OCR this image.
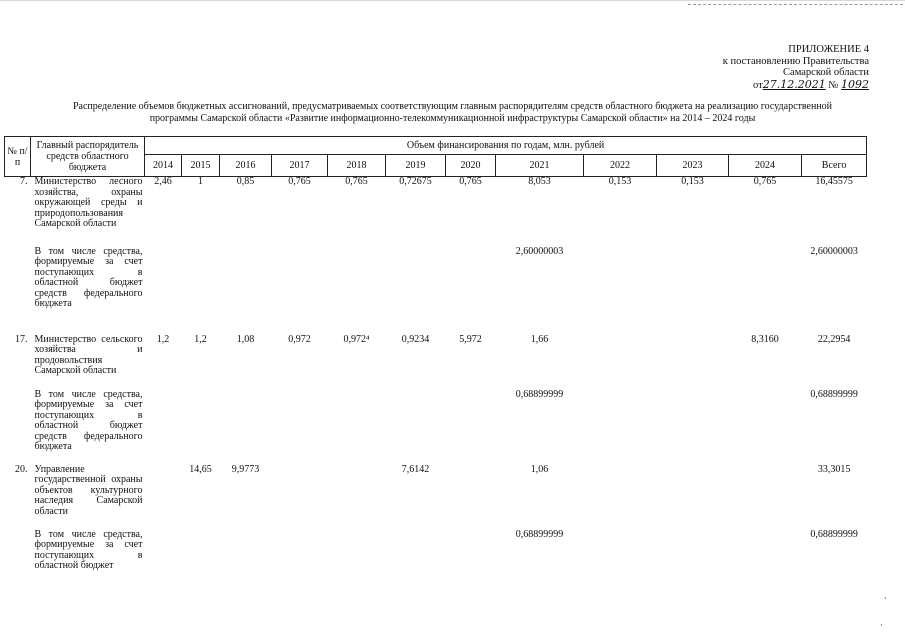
ПРИЛОЖЕНИЕ 4
к постановлению Правительства
Самарской области
от27.12.2021 № 1092
Распределение объемов бюджетных ассигнований, предусматриваемых соответствующим главным распорядителям средств областного бюджета на реализацию государственной
программы Самарской области «Развитие информационно-телекоммуникационной инфраструктуры Самарской области» на 2014 – 2024 годы
№ п/п	Главный распорядитель средств областного бюджета	Объем финансирования по годам, млн. рублей											
		2014	2015	2016	2017	2018	2019	2020	2021	2022	2023	2024	Всего
7.	Министерство лесного хозяйства, охраны окружающей среды и природопользования Самарской области	2,46	1	0,85	0,765	0,765	0,72675	0,765	8,053	0,153	0,153	0,765	16,45575
	В том числе средства, формируемые за счет поступающих в областной бюджет средств федерального бюджета								2,60000003				2,60000003
17.	Министерство сельского хозяйства и продовольствия Самарской области	1,2	1,2	1,08	0,972	0,972⁴	0,9234	5,972	1,66			8,3160	22,2954
	В том числе средства, формируемые за счет поступающих в областной бюджет средств федерального бюджета								0,68899999				0,68899999
20.	Управление государственной охраны объектов культурного наследия Самарской области		14,65	9,9773			7,6142		1,06				33,3015
	В том числе средства, формируемые за счет поступающих в областной бюджет								0,68899999				0,68899999
٬
٬
